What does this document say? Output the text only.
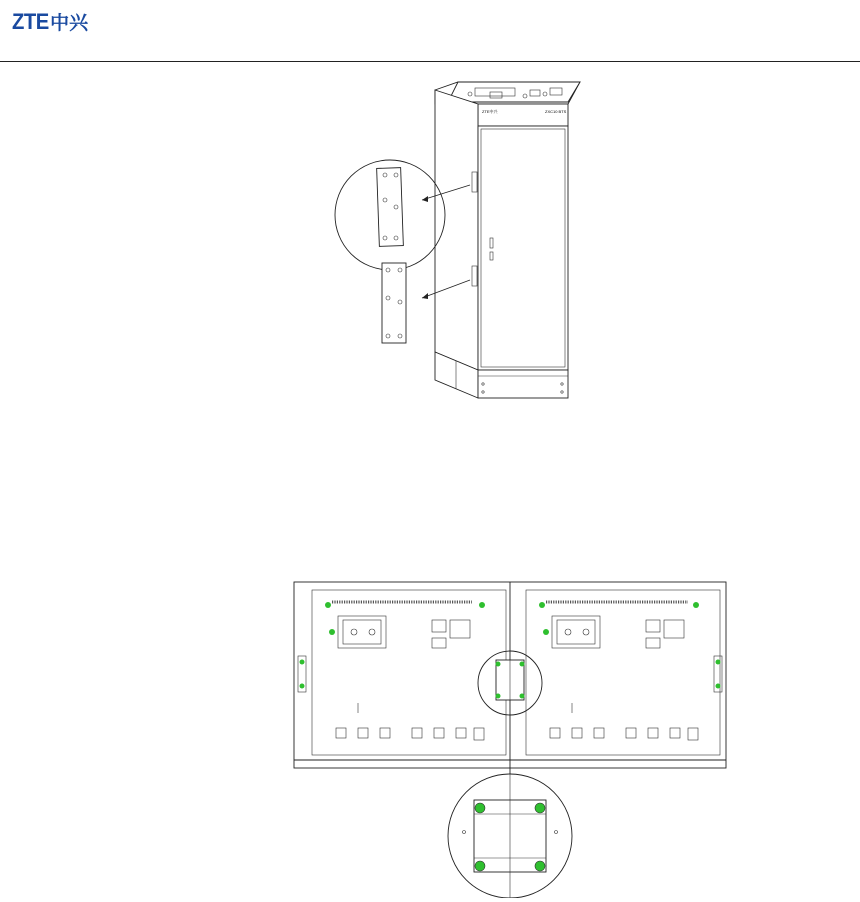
ZTE 中兴
ZTE中兴	ZXC10 BTS
